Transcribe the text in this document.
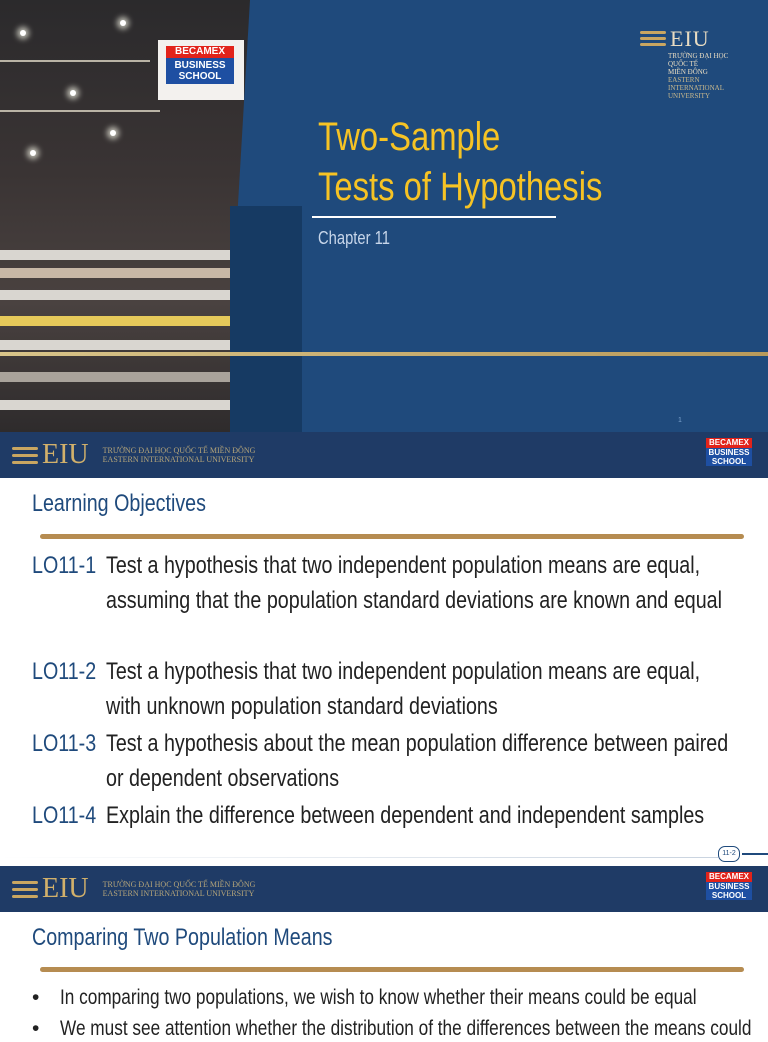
BECAMEX
BUSINESS
SCHOOL
EIU
TRƯỜNG ĐẠI HỌC
QUỐC TẾ
MIỀN ĐÔNG
EASTERN
INTERNATIONAL
UNIVERSITY
Two-Sample
Tests of Hypothesis
Chapter 11
1
EIU TRƯỜNG ĐẠI HỌC QUỐC TẾ MIỀN ĐÔNG
EASTERN INTERNATIONAL UNIVERSITY
BECAMEX
BUSINESS
SCHOOL
Learning Objectives
LO11-1 Test a hypothesis that two independent population means are equal, assuming that the population standard deviations are known and equal
LO11-2 Test a hypothesis that two independent population means are equal, with unknown population standard deviations
LO11-3 Test a hypothesis about the mean population difference between paired or dependent observations
LO11-4 Explain the difference between dependent and independent samples
11-2
EIU TRƯỜNG ĐẠI HỌC QUỐC TẾ MIỀN ĐÔNG
EASTERN INTERNATIONAL UNIVERSITY
BECAMEX
BUSINESS
SCHOOL
Comparing Two Population Means
• In comparing two populations, we wish to know whether their means could be equal
• We must see attention whether the distribution of the differences between the means could
